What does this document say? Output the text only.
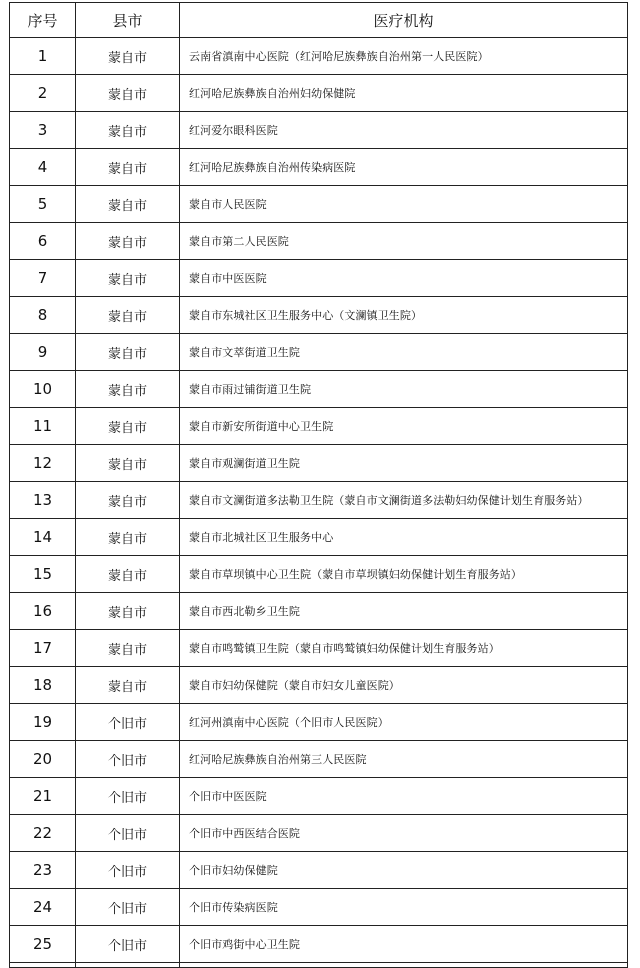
序号	县市	医疗机构
1	蒙自市	云南省滇南中心医院（红河哈尼族彝族自治州第一人民医院）
2	蒙自市	红河哈尼族彝族自治州妇幼保健院
3	蒙自市	红河爱尔眼科医院
4	蒙自市	红河哈尼族彝族自治州传染病医院
5	蒙自市	蒙自市人民医院
6	蒙自市	蒙自市第二人民医院
7	蒙自市	蒙自市中医医院
8	蒙自市	蒙自市东城社区卫生服务中心（文澜镇卫生院）
9	蒙自市	蒙自市文萃街道卫生院
10	蒙自市	蒙自市雨过铺街道卫生院
11	蒙自市	蒙自市新安所街道中心卫生院
12	蒙自市	蒙自市观澜街道卫生院
13	蒙自市	蒙自市文澜街道多法勒卫生院（蒙自市文澜街道多法勒妇幼保健计划生育服务站）
14	蒙自市	蒙自市北城社区卫生服务中心
15	蒙自市	蒙自市草坝镇中心卫生院（蒙自市草坝镇妇幼保健计划生育服务站）
16	蒙自市	蒙自市西北勒乡卫生院
17	蒙自市	蒙自市鸣鹫镇卫生院（蒙自市鸣鹫镇妇幼保健计划生育服务站）
18	蒙自市	蒙自市妇幼保健院（蒙自市妇女儿童医院）
19	个旧市	红河州滇南中心医院（个旧市人民医院）
20	个旧市	红河哈尼族彝族自治州第三人民医院
21	个旧市	个旧市中医医院
22	个旧市	个旧市中西医结合医院
23	个旧市	个旧市妇幼保健院
24	个旧市	个旧市传染病医院
25	个旧市	个旧市鸡街中心卫生院
